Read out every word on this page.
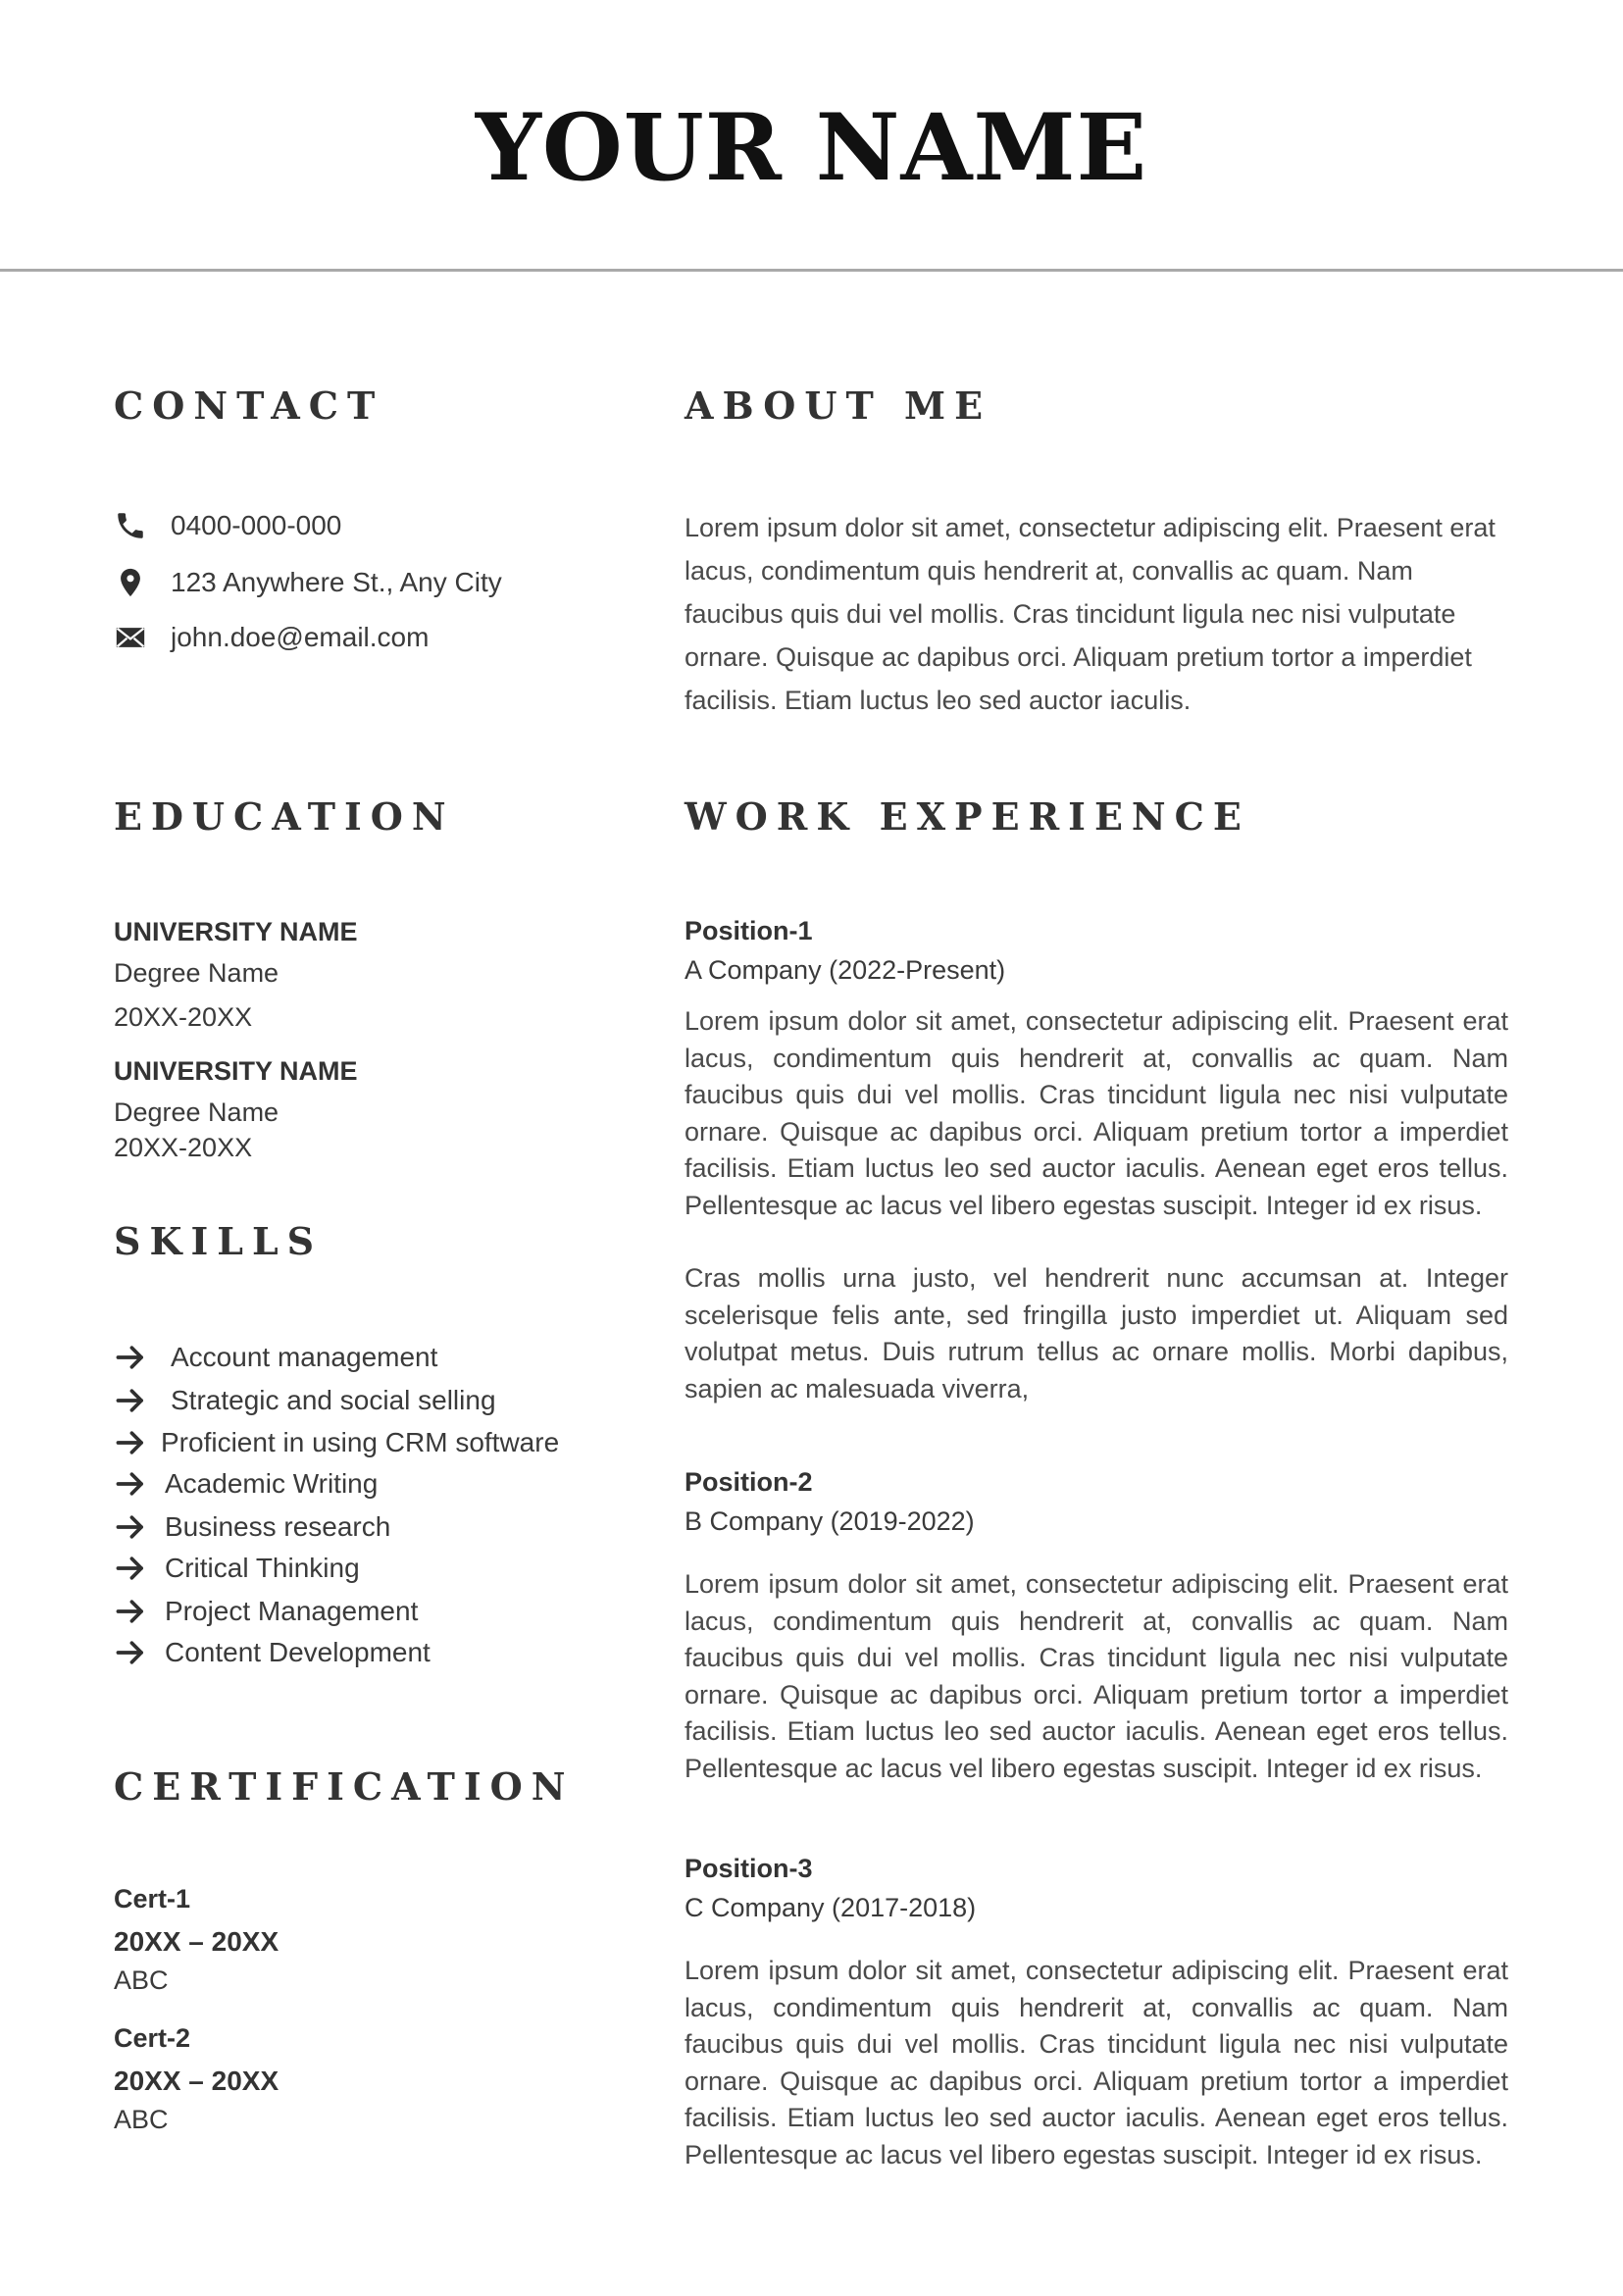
YOUR NAME
CONTACT
0400-000-000
123 Anywhere St., Any City
john.doe@email.com
ABOUT ME

Lorem ipsum dolor sit amet, consectetur adipiscing elit. Praesent erat lacus, condimentum quis hendrerit at, convallis ac quam. Nam faucibus quis dui vel mollis. Cras tincidunt ligula nec nisi vulputate ornare. Quisque ac dapibus orci. Aliquam pretium tortor a imperdiet facilisis. Etiam luctus leo sed auctor iaculis.

EDUCATION
UNIVERSITY NAME
Degree Name
20XX-20XX
UNIVERSITY NAME
Degree Name
20XX-20XX
SKILLS
Account management
Strategic and social selling
Proficient in using CRM software
Academic Writing
Business research
Critical Thinking
Project Management
Content Development
CERTIFICATION
Cert-1
20XX – 20XX
ABC
Cert-2
20XX – 20XX
ABC
WORK EXPERIENCE
Position-1
A Company (2022-Present)

Lorem ipsum dolor sit amet, consectetur adipiscing elit. Praesent erat lacus, condimentum quis hendrerit at, convallis ac quam. Nam faucibus quis dui vel mollis. Cras tincidunt ligula nec nisi vulputate ornare. Quisque ac dapibus orci. Aliquam pretium tortor a imperdiet facilisis. Etiam luctus leo sed auctor iaculis. Aenean eget eros tellus. Pellentesque ac lacus vel libero egestas suscipit. Integer id ex risus.

Cras mollis urna justo, vel hendrerit nunc accumsan at. Integer scelerisque felis ante, sed fringilla justo imperdiet ut. Aliquam sed volutpat metus. Duis rutrum tellus ac ornare mollis. Morbi dapibus, sapien ac malesuada viverra,

Position-2
B Company (2019-2022)

Lorem ipsum dolor sit amet, consectetur adipiscing elit. Praesent erat lacus, condimentum quis hendrerit at, convallis ac quam. Nam faucibus quis dui vel mollis. Cras tincidunt ligula nec nisi vulputate ornare. Quisque ac dapibus orci. Aliquam pretium tortor a imperdiet facilisis. Etiam luctus leo sed auctor iaculis. Aenean eget eros tellus. Pellentesque ac lacus vel libero egestas suscipit. Integer id ex risus.

Position-3
C Company (2017-2018)

Lorem ipsum dolor sit amet, consectetur adipiscing elit. Praesent erat lacus, condimentum quis hendrerit at, convallis ac quam. Nam faucibus quis dui vel mollis. Cras tincidunt ligula nec nisi vulputate ornare. Quisque ac dapibus orci. Aliquam pretium tortor a imperdiet facilisis. Etiam luctus leo sed auctor iaculis. Aenean eget eros tellus. Pellentesque ac lacus vel libero egestas suscipit. Integer id ex risus.
